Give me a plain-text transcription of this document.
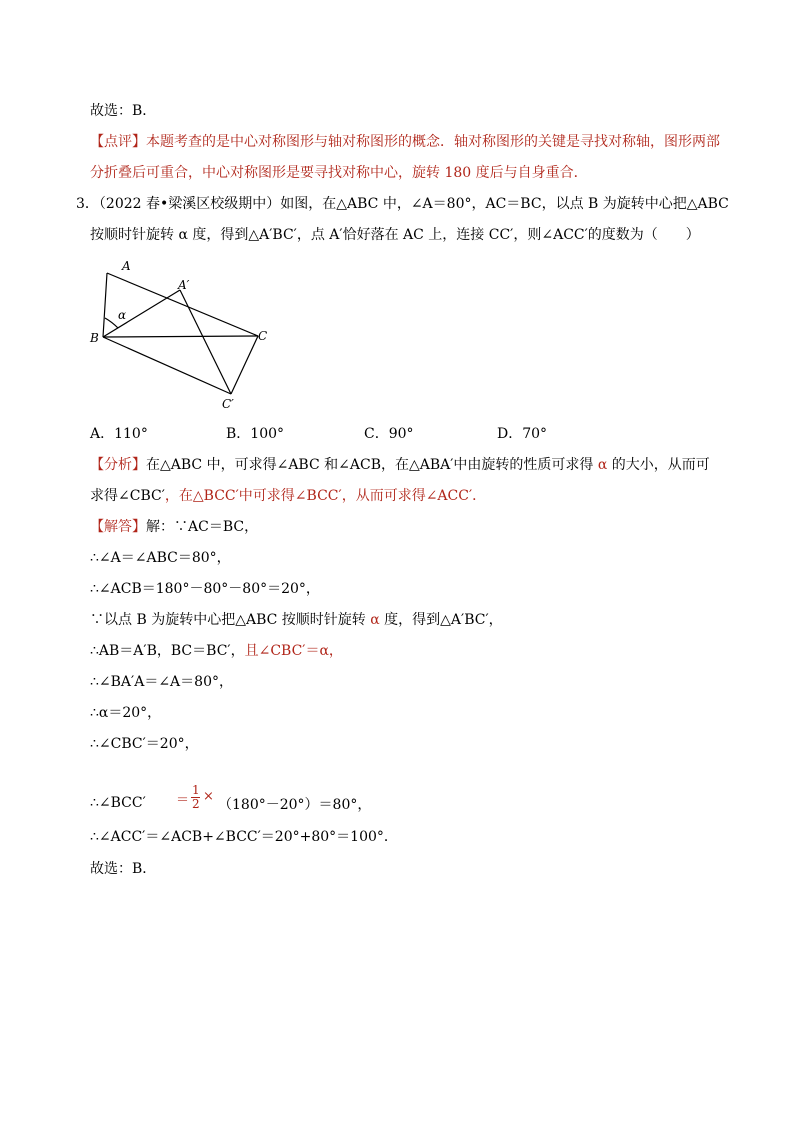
故选：B．
【点评】本题考查的是中心对称图形与轴对称图形的概念．轴对称图形的关键是寻找对称轴，图形两部
分折叠后可重合，中心对称图形是要寻找对称中心，旋转 180 度后与自身重合．
3．（2022 春•梁溪区校级期中）如图，在△ABC 中，∠A＝80°，AC＝BC，以点 B 为旋转中心把△ABC
按顺时针旋转 α 度，得到△A′BC′，点 A′恰好落在 AC 上，连接 CC′，则∠ACC′的度数为（　　）
A
A′
B	C
C′
α
A．110°	B．100°	C．90°	D．70°
【分析】在△ABC 中，可求得∠ABC 和∠ACB，在△ABA′中由旋转的性质可求得 α 的大小，从而可
求得∠CBC′，在△BCC′中可求得∠BCC′，从而可求得∠ACC′．
【解答】解：∵AC＝BC，
∴∠A＝∠ABC＝80°，
∴∠ACB＝180°－80°－80°＝20°，
∵以点 B 为旋转中心把△ABC 按顺时针旋转 α 度，得到△A′BC′，
∴AB＝A′B，BC＝BC′，且∠CBC′＝α，
∴∠BA′A＝∠A＝80°，
∴α＝20°，
∴∠CBC′＝20°，
∴∠BCC′ ＝
1
2 ×
（180°－20°）＝80°，
∴∠ACC′＝∠ACB+∠BCC′＝20°+80°＝100°．
故选：B．
